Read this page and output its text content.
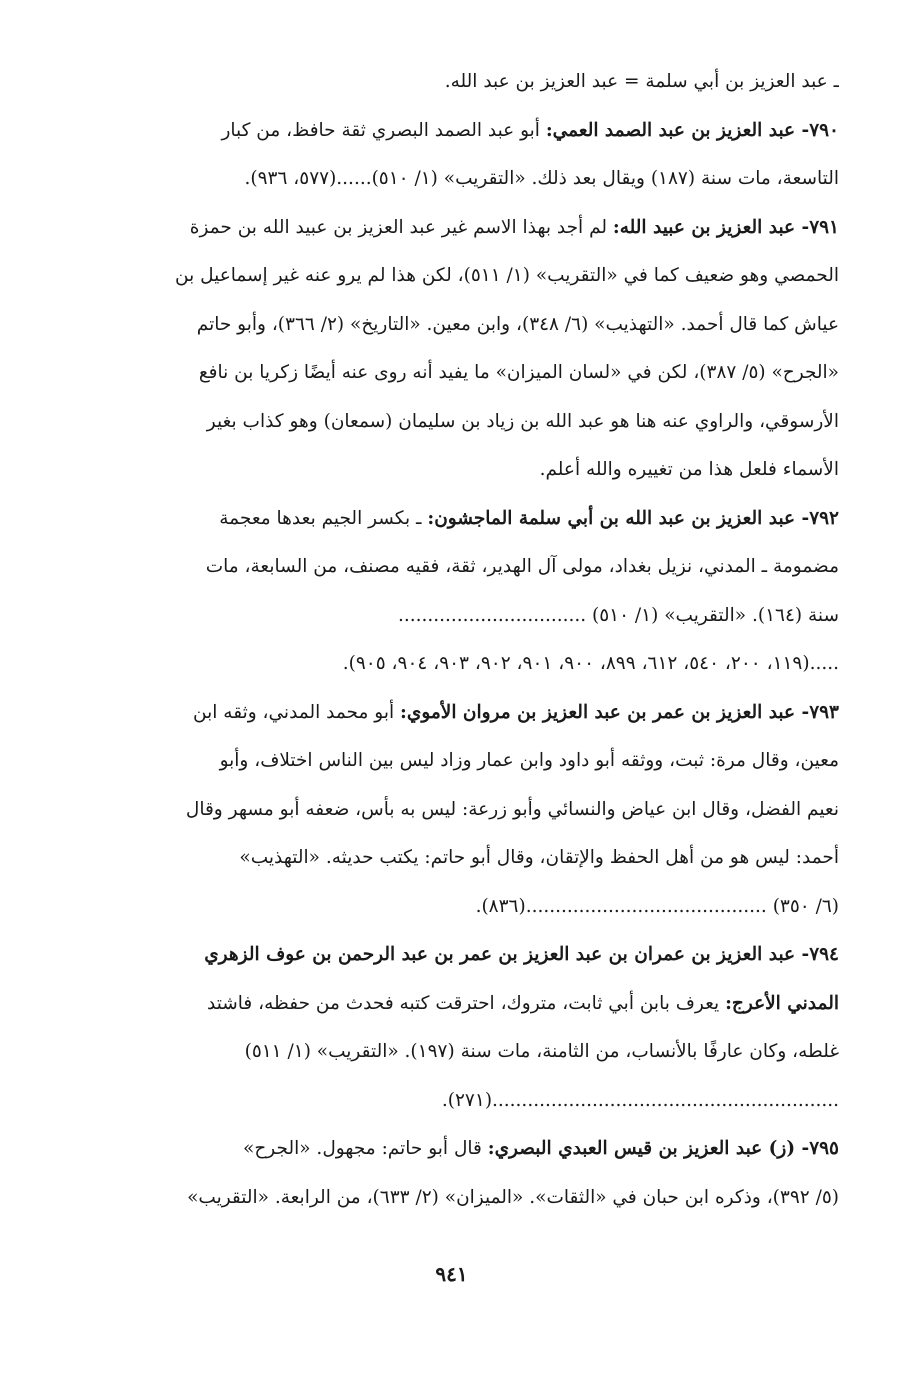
ـ عبد العزيز بن أبي سلمة = عبد العزيز بن عبد الله.
٧٩٠- عبد العزيز بن عبد الصمد العمي: أبو عبد الصمد البصري ثقة حافظ، من كبار
التاسعة، مات سنة (١٨٧) ويقال بعد ذلك. «التقريب» (١/ ٥١٠)......(٥٧٧، ٩٣٦).
٧٩١- عبد العزيز بن عبيد الله: لم أجد بهذا الاسم غير عبد العزيز بن عبيد الله بن حمزة
الحمصي وهو ضعيف كما في «التقريب» (١/ ٥١١)، لكن هذا لم يرو عنه غير إسماعيل بن
عياش كما قال أحمد. «التهذيب» (٦/ ٣٤٨)، وابن معين. «التاريخ» (٢/ ٣٦٦)، وأبو حاتم
«الجرح» (٥/ ٣٨٧)، لكن في «لسان الميزان» ما يفيد أنه روى عنه أيضًا زكريا بن نافع
الأرسوقي، والراوي عنه هنا هو عبد الله بن زياد بن سليمان (سمعان) وهو كذاب بغير
الأسماء فلعل هذا من تغييره والله أعلم.
٧٩٢- عبد العزيز بن عبد الله بن أبي سلمة الماجشون: ـ بكسر الجيم بعدها معجمة
مضمومة ـ المدني، نزيل بغداد، مولى آل الهدير، ثقة، فقيه مصنف، من السابعة، مات
سنة (١٦٤). «التقريب» (١/ ٥١٠) ................................
.....(١١٩، ٢٠٠، ٥٤٠، ٦١٢، ٨٩٩، ٩٠٠، ٩٠١، ٩٠٢، ٩٠٣، ٩٠٤، ٩٠٥).
٧٩٣- عبد العزيز بن عمر بن عبد العزيز بن مروان الأموي: أبو محمد المدني، وثقه ابن
معين، وقال مرة: ثبت، ووثقه أبو داود وابن عمار وزاد ليس بين الناس اختلاف، وأبو
نعيم الفضل، وقال ابن عياض والنسائي وأبو زرعة: ليس به بأس، ضعفه أبو مسهر وقال
أحمد: ليس هو من أهل الحفظ والإتقان، وقال أبو حاتم: يكتب حديثه. «التهذيب»
(٦/ ٣٥٠) .........................................(٨٣٦).
٧٩٤- عبد العزيز بن عمران بن عبد العزيز بن عمر بن عبد الرحمن بن عوف الزهري
المدني الأعرج: يعرف بابن أبي ثابت، متروك، احترقت كتبه فحدث من حفظه، فاشتد
غلطه، وكان عارفًا بالأنساب، من الثامنة، مات سنة (١٩٧). «التقريب» (١/ ٥١١)
...........................................................(٢٧١).
٧٩٥- (ز) عبد العزيز بن قيس العبدي البصري: قال أبو حاتم: مجهول. «الجرح»
(٥/ ٣٩٢)، وذكره ابن حبان في «الثقات». «الميزان» (٢/ ٦٣٣)، من الرابعة. «التقريب»
٩٤١
